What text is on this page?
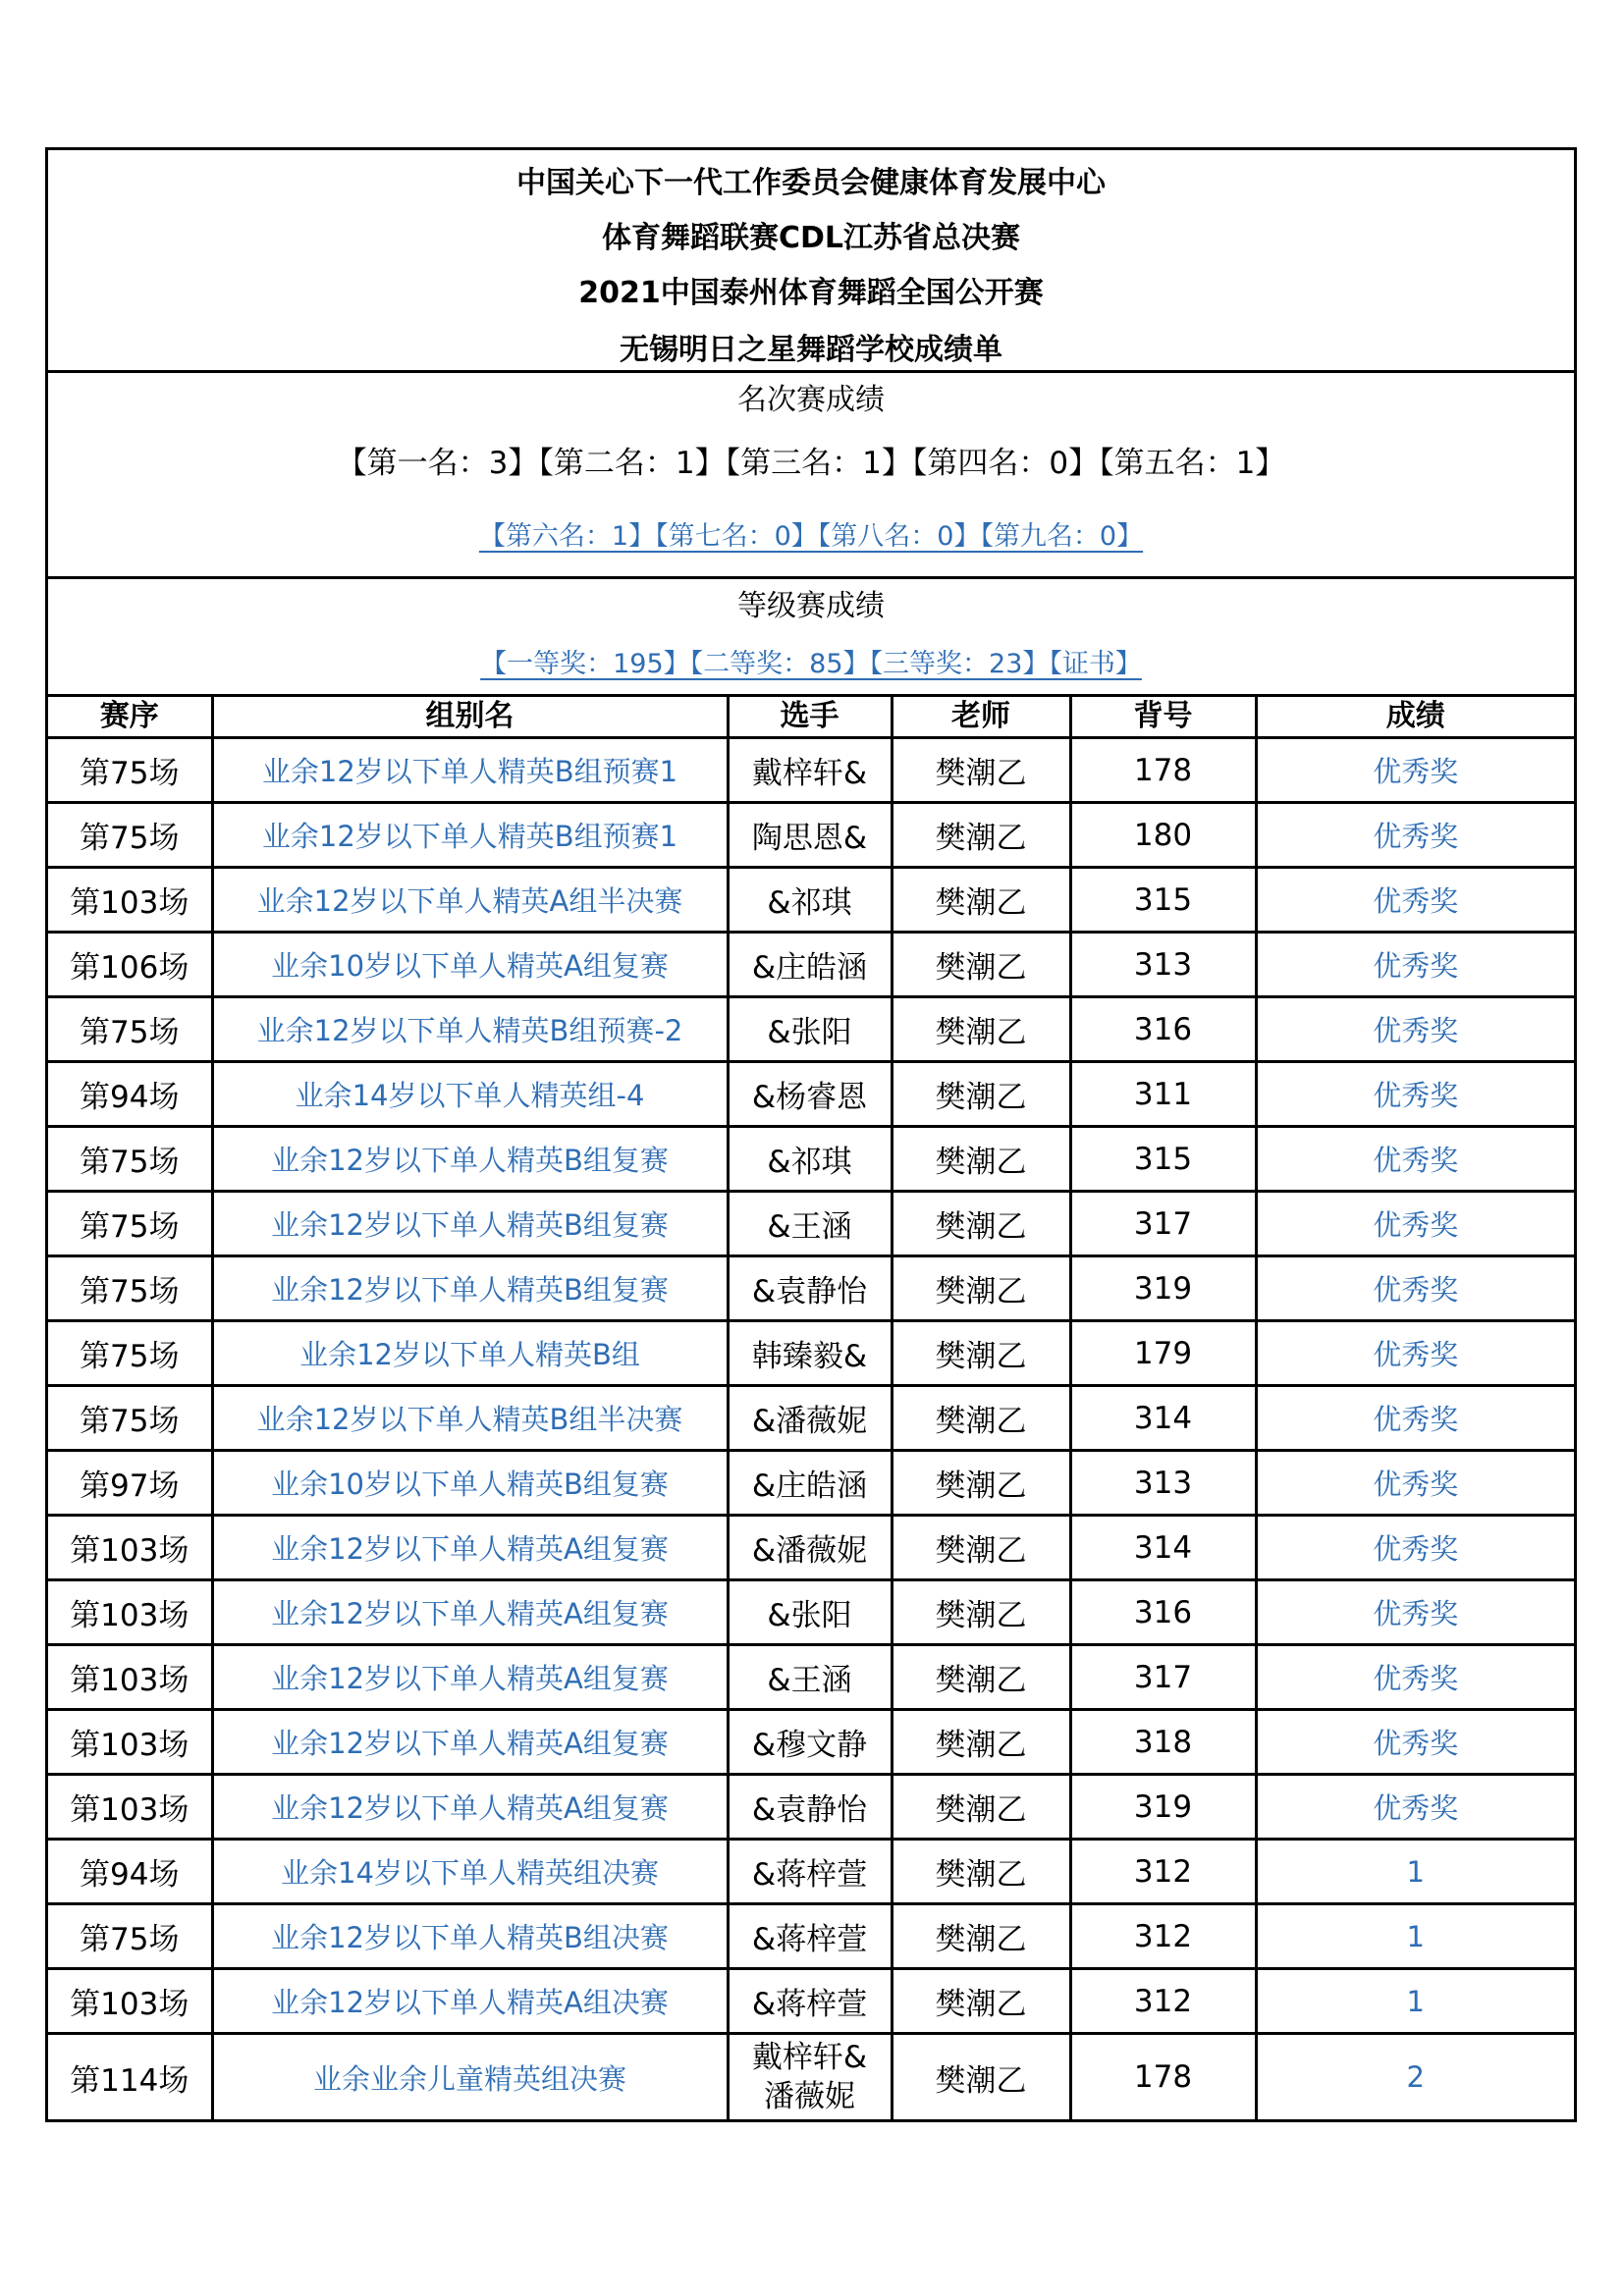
中国关心下一代工作委员会健康体育发展中心
体育舞蹈联赛CDL江苏省总决赛
2021中国泰州体育舞蹈全国公开赛
无锡明日之星舞蹈学校成绩单
名次赛成绩
【第一名：3】【第二名：1】【第三名：1】【第四名：0】【第五名：1】
【第六名：1】【第七名：0】【第八名：0】【第九名：0】
等级赛成绩
【一等奖：195】【二等奖：85】【三等奖：23】【证书】
赛序	组别名	选手	老师	背号	成绩
第75场	业余12岁以下单人精英B组预赛1	戴梓轩&	樊潮乙	178	优秀奖
第75场	业余12岁以下单人精英B组预赛1	陶思恩&	樊潮乙	180	优秀奖
第103场	业余12岁以下单人精英A组半决赛	&祁琪	樊潮乙	315	优秀奖
第106场	业余10岁以下单人精英A组复赛	&庄皓涵	樊潮乙	313	优秀奖
第75场	业余12岁以下单人精英B组预赛-2	&张阳	樊潮乙	316	优秀奖
第94场	业余14岁以下单人精英组-4	&杨睿恩	樊潮乙	311	优秀奖
第75场	业余12岁以下单人精英B组复赛	&祁琪	樊潮乙	315	优秀奖
第75场	业余12岁以下单人精英B组复赛	&王涵	樊潮乙	317	优秀奖
第75场	业余12岁以下单人精英B组复赛	&袁静怡	樊潮乙	319	优秀奖
第75场	业余12岁以下单人精英B组	韩臻毅&	樊潮乙	179	优秀奖
第75场	业余12岁以下单人精英B组半决赛	&潘薇妮	樊潮乙	314	优秀奖
第97场	业余10岁以下单人精英B组复赛	&庄皓涵	樊潮乙	313	优秀奖
第103场	业余12岁以下单人精英A组复赛	&潘薇妮	樊潮乙	314	优秀奖
第103场	业余12岁以下单人精英A组复赛	&张阳	樊潮乙	316	优秀奖
第103场	业余12岁以下单人精英A组复赛	&王涵	樊潮乙	317	优秀奖
第103场	业余12岁以下单人精英A组复赛	&穆文静	樊潮乙	318	优秀奖
第103场	业余12岁以下单人精英A组复赛	&袁静怡	樊潮乙	319	优秀奖
第94场	业余14岁以下单人精英组决赛	&蒋梓萱	樊潮乙	312	1
第75场	业余12岁以下单人精英B组决赛	&蒋梓萱	樊潮乙	312	1
第103场	业余12岁以下单人精英A组决赛	&蒋梓萱	樊潮乙	312	1
第114场	业余业余儿童精英组决赛	戴梓轩&潘薇妮	樊潮乙	178	2
